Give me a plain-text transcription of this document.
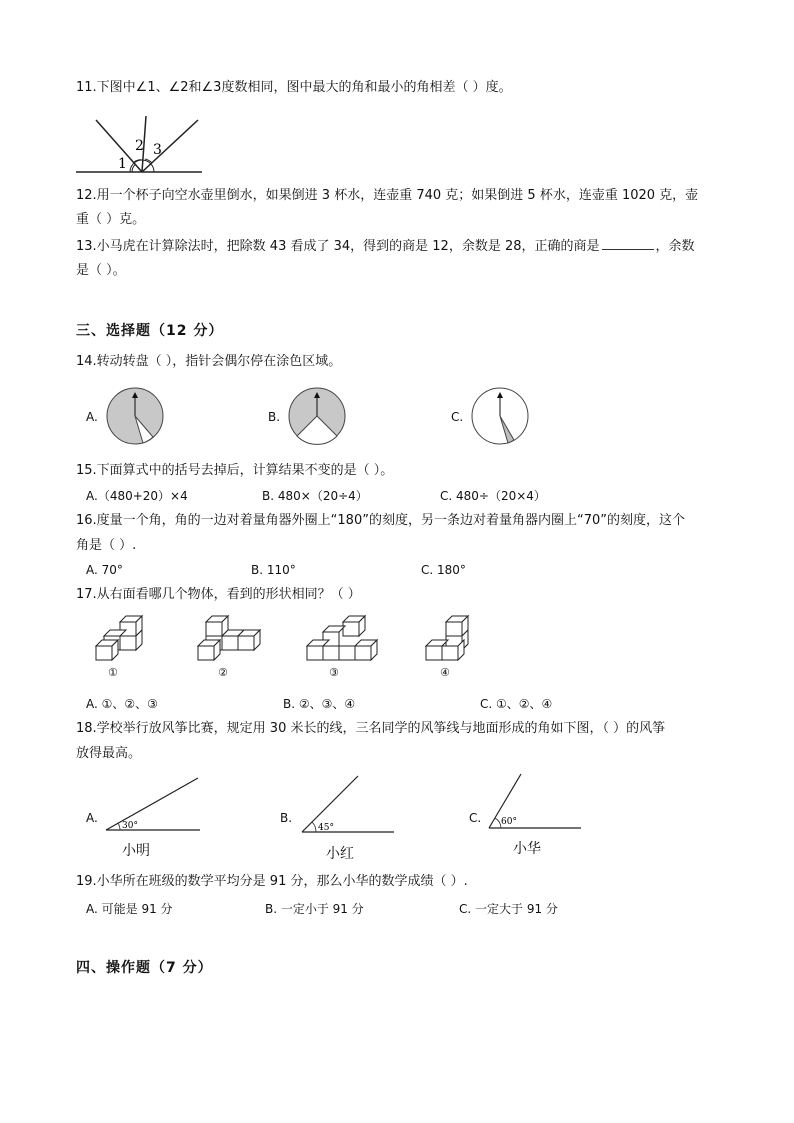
11.下图中∠1、∠2和∠3度数相同，图中最大的角和最小的角相差（ ）度。
1
2 3
12.用一个杯子向空水壶里倒水，如果倒进 3 杯水，连壶重 740 克；如果倒进 5 杯水，连壶重 1020 克，壶
重（ ）克。
13.小马虎在计算除法时，把除数 43 看成了 34，得到的商是 12，余数是 28，正确的商是	，余数
是（ ）。
三、选择题（12 分）
14.转动转盘（ ），指针会偶尔停在涂色区域。
A.	B.	C.
15.下面算式中的括号去掉后，计算结果不变的是（ ）。
A.（480+20）×4	B. 480×（20÷4）	C. 480÷（20×4）
16.度量一个角，角的一边对着量角器外圈上“180”的刻度，另一条边对着量角器内圈上“70”的刻度，这个
角是（ ）.
A. 70°	B. 110°	C. 180°
17.从右面看哪几个物体，看到的形状相同？（ ）
①	②	③	④
A. ①、②、③	B. ②、③、④	C. ①、②、④
18.学校举行放风筝比赛，规定用 30 米长的线，三名同学的风筝线与地面形成的角如下图，（ ）的风筝
放得最高。
A.
30°
小明
B.
45°
小红
C. 60°
小华
19.小华所在班级的数学平均分是 91 分，那么小华的数学成绩（ ）.
A. 可能是 91 分	B. 一定小于 91 分	C. 一定大于 91 分
四、操作题（7 分）
